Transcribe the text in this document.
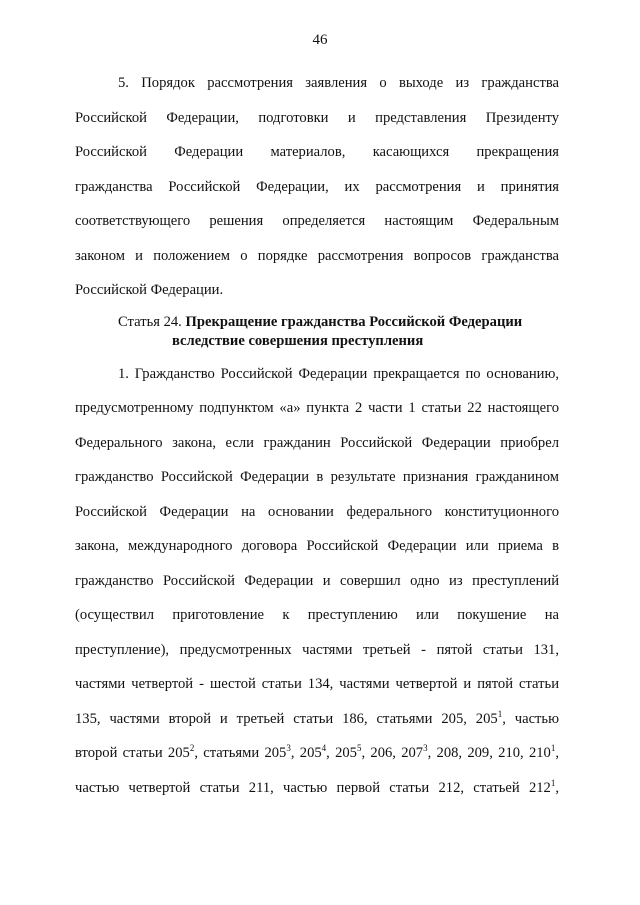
46

5. Порядок рассмотрения заявления о выходе из гражданства
Российской Федерации, подготовки и представления Президенту
Российской Федерации материалов, касающихся прекращения
гражданства Российской Федерации, их рассмотрения и принятия
соответствующего решения определяется настоящим Федеральным
законом и положением о порядке рассмотрения вопросов гражданства
Российской Федерации.

Статья 24. Прекращение гражданства Российской Федерации
вследствие совершения преступления

1. Гражданство Российской Федерации прекращается по основанию,
предусмотренному подпунктом «а» пункта 2 части 1 статьи 22 настоящего
Федерального закона, если гражданин Российской Федерации приобрел
гражданство Российской Федерации в результате признания гражданином
Российской Федерации на основании федерального конституционного
закона, международного договора Российской Федерации или приема в
гражданство Российской Федерации и совершил одно из преступлений
(осуществил приготовление к преступлению или покушение на
преступление), предусмотренных частями третьей - пятой статьи 131,
частями четвертой - шестой статьи 134, частями четвертой и пятой статьи
135, частями второй и третьей статьи 186, статьями 205, $205^1$, частью
второй статьи $205^2$, статьями $205^3$, $205^4$, $205^5$, 206, $207^3$, 208, 209, 210, $210^1$,
частью четвертой статьи 211, частью первой статьи 212, статьей $212^1$,
